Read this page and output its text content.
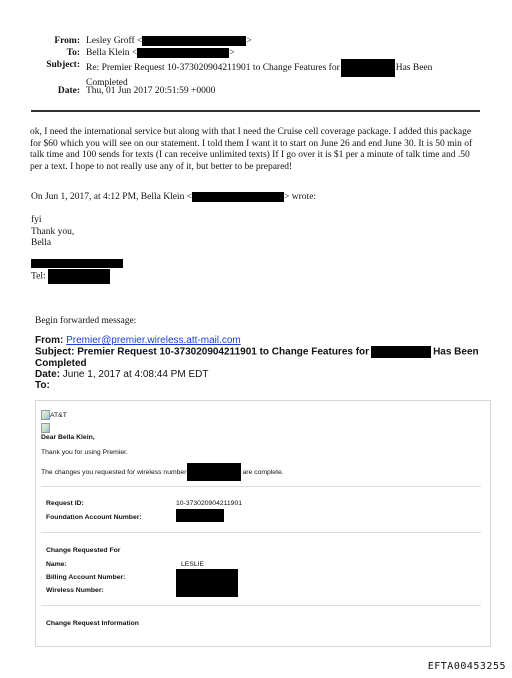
From: Lesley Groff <	>
To: Bella Klein <	>
Subject: Re: Premier Request 10-373020904211901 to Change Features for	Has Been
Completed
Date: Thu, 01 Jun 2017 20:51:59 +0000
ok, I need the international service but along with that I need the Cruise cell coverage package. I added this package for $60 which you will see on our statement. I told them I want it to start on June 26 and end June 30. It is 50 min of talk time and 100 sends for texts (I can receive unlimited texts) If I go over it is $1 per a minute of talk time and .50 per a text. I hope to not really use any of it, but better to be prepared!
On Jun 1, 2017, at 4:12 PM, Bella Klein <	> wrote:
fyi
Thank you,
Bella
Tel:
Begin forwarded message:
From: Premier@premier.wireless.att-mail.com
Subject: Premier Request 10-373020904211901 to Change Features for	Has Been
Completed
Date: June 1, 2017 at 4:08:44 PM EDT
To:
AT&T
Dear Bella Klein,
Thank you for using Premier.
The changes you requested for wireless number	are complete.
Request ID:	10-373020904211901
Foundation Account Number:
Change Requested For
Name:	LESLIE
Billing Account Number:
Wireless Number:
Change Request Information
EFTA00453255
